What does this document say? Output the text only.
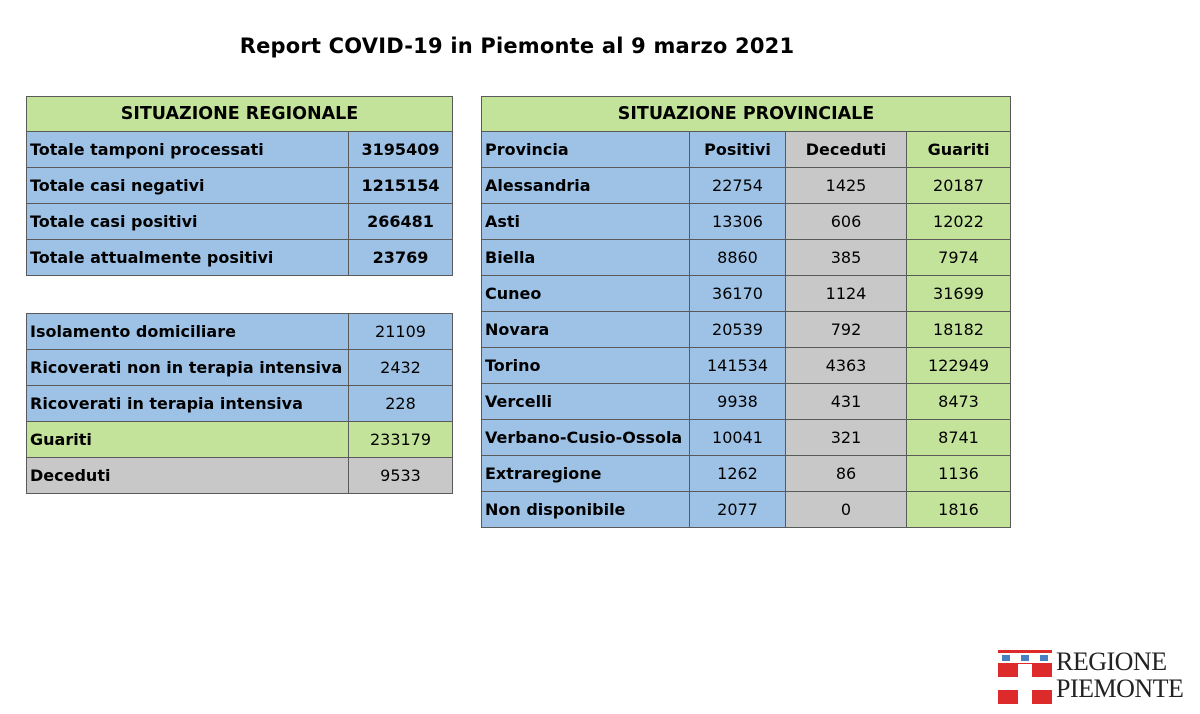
Report COVID-19 in Piemonte al 9 marzo 2021
SITUAZIONE REGIONALE	
Totale tamponi processati	3195409
Totale casi negativi	1215154
Totale casi positivi	266481
Totale attualmente positivi	23769
Isolamento domiciliare	21109
Ricoverati non in terapia intensiva	2432
Ricoverati in terapia intensiva	228
Guariti	233179
Deceduti	9533
SITUAZIONE PROVINCIALE			
Provincia	Positivi	Deceduti	Guariti
Alessandria	22754	1425	20187
Asti	13306	606	12022
Biella	8860	385	7974
Cuneo	36170	1124	31699
Novara	20539	792	18182
Torino	141534	4363	122949
Vercelli	9938	431	8473
Verbano-Cusio-Ossola	10041	321	8741
Extraregione	1262	86	1136
Non disponibile	2077	0	1816
REGIONE
PIEMONTE
